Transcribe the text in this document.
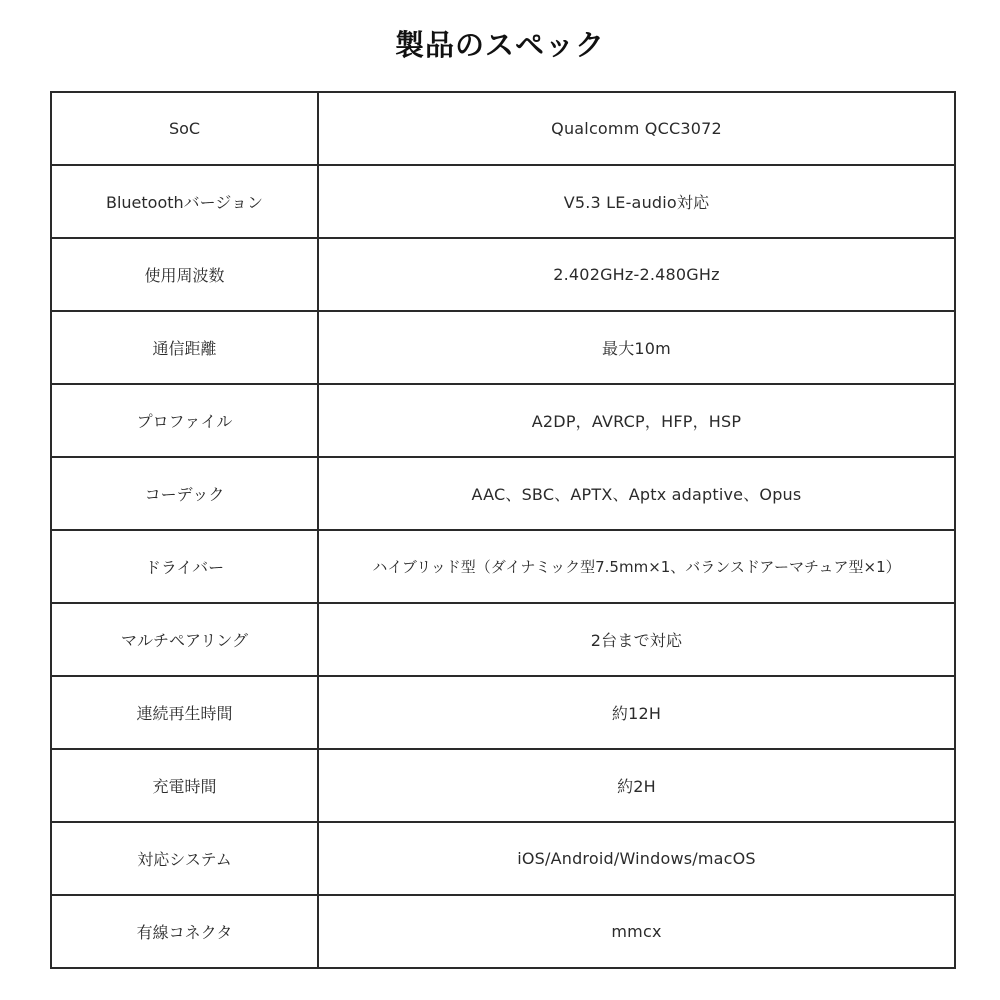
製品のスペック
SoC	Qualcomm QCC3072
Bluetoothバージョン	V5.3 LE-audio対応
使用周波数	2.402GHz-2.480GHz
通信距離	最大10m
プロファイル	A2DP，AVRCP，HFP，HSP
コーデック	AAC、SBC、APTX、Aptx adaptive、Opus
ドライバー	ハイブリッド型（ダイナミック型7.5mm×1、バランスドアーマチュア型×1）
マルチペアリング	2台まで対応
連続再生時間	約12H
充電時間	約2H
対応システム	iOS/Android/Windows/macOS
有線コネクタ	mmcx
